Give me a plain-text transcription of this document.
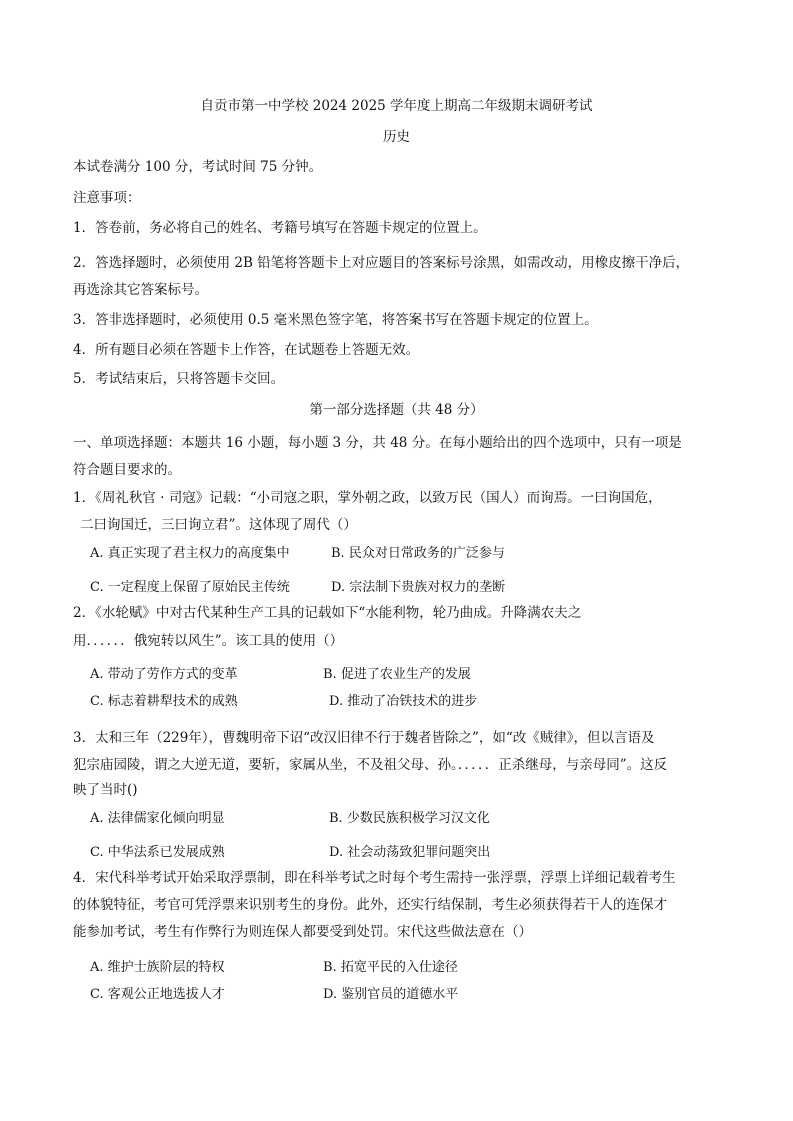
自贡市第一中学校 2024 2025 学年度上期高二年级期末调研考试
历史
本试卷满分 100 分，考试时间 75 分钟。
注意事项：
1．答卷前，务必将自己的姓名、考籍号填写在答题卡规定的位置上。
2．答选择题时，必须使用 2B 铅笔将答题卡上对应题目的答案标号涂黑，如需改动，用橡皮擦干净后，
再选涂其它答案标号。
3．答非选择题时，必须使用 0.5 毫米黑色签字笔，将答案书写在答题卡规定的位置上。
4．所有题目必须在答题卡上作答，在试题卷上答题无效。
5．考试结束后，只将答题卡交回。
第一部分选择题（共 48 分）
一、单项选择题：本题共 16 小题，每小题 3 分，共 48 分。在每小题给出的四个选项中，只有一项是
符合题目要求的。
1．《周礼秋官 · 司寇》记载：“小司寇之职，掌外朝之政，以致万民（国人）而询焉。一曰询国危，
二曰询国迁，三曰询立君”。这体现了周代（）
A. 真正实现了君主权力的高度集中	B. 民众对日常政务的广泛参与
C. 一定程度上保留了原始民主传统	D. 宗法制下贵族对权力的垄断
2．《水轮赋》中对古代某种生产工具的记载如下“水能利物，轮乃曲成。升降满农夫之
用．．．．．．俄宛转以风生”。该工具的使用（）
A. 带动了劳作方式的变革	B. 促进了农业生产的发展
C. 标志着耕犁技术的成熟	D. 推动了冶铁技术的进步
3．太和三年（229年），曹魏明帝下诏“改汉旧律不行于魏者皆除之”，如“改《贼律》，但以言语及
犯宗庙园陵，谓之大逆无道，要斩，家属从坐，不及祖父母、孙。．．．．．正杀继母，与亲母同”。这反
映了当时()
A. 法律儒家化倾向明显	B. 少数民族积极学习汉文化
C. 中华法系已发展成熟	D. 社会动荡致犯罪问题突出
4．宋代科举考试开始采取浮票制，即在科举考试之时每个考生需持一张浮票，浮票上详细记载着考生
的体貌特征，考官可凭浮票来识别考生的身份。此外，还实行结保制，考生必须获得若干人的连保才
能参加考试，考生有作弊行为则连保人都要受到处罚。宋代这些做法意在（）
A. 维护士族阶层的特权	B. 拓宽平民的入仕途径
C. 客观公正地选拔人才	D. 鉴别官员的道德水平
